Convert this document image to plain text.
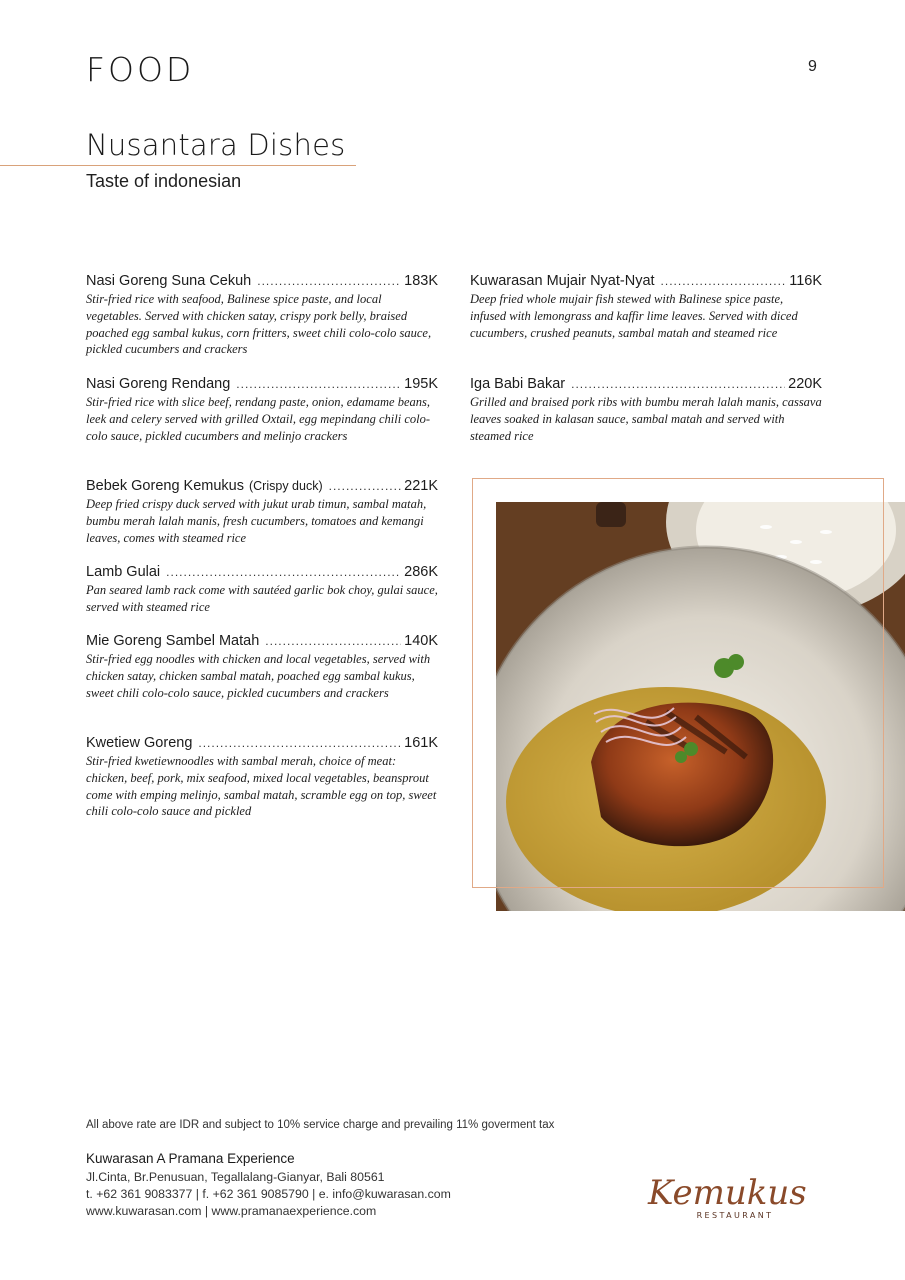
FOOD	9
Nusantara Dishes
Taste of indonesian
Nasi Goreng Suna Cekuh .....	183K
Stir-fried rice with seafood, Balinese spice paste, and local vegetables. Served with chicken satay, crispy pork belly, braised poached egg sambal kukus, corn fritters, sweet chili colo-colo sauce, pickled cucumbers and crackers
Nasi Goreng Rendang .....	195K
Stir-fried rice with slice beef, rendang paste, onion, edamame beans, leek and celery served with grilled Oxtail, egg mepindang chili colo-colo sauce, pickled cucumbers and melinjo crackers
Bebek Goreng Kemukus (Crispy duck) .....	221K
Deep fried crispy duck served with jukut urab timun, sambal matah, bumbu merah lalah manis, fresh cucumbers, tomatoes and kemangi leaves, comes with steamed rice
Lamb Gulai .....	286K
Pan seared lamb rack come with sautéed garlic bok choy, gulai sauce, served with steamed rice
Mie Goreng Sambel Matah .....	140K
Stir-fried egg noodles with chicken and local vegetables, served with chicken satay, chicken sambal matah, poached egg sambal kukus, sweet chili colo-colo sauce, pickled cucumbers and crackers
Kwetiew Goreng .....	161K
Stir-fried kwetiewnoodles with sambal merah, choice of meat: chicken, beef, pork, mix seafood, mixed local vegetables, beansprout come with emping melinjo, sambal matah, scramble egg on top, sweet chili colo-colo sauce and pickled
Kuwarasan Mujair Nyat-Nyat .....	116K
Deep fried whole mujair fish stewed with Balinese spice paste, infused with lemongrass and kaffir lime leaves. Served with diced cucumbers, crushed peanuts, sambal matah and steamed rice
Iga Babi Bakar .....	220K
Grilled and braised pork ribs with bumbu merah lalah manis, cassava leaves soaked in kalasan sauce, sambal matah and served with steamed rice
All above rate are IDR and subject to 10% service charge and prevailing 11% goverment tax
Kuwarasan A Pramana Experience
Jl.Cinta, Br.Penusuan, Tegallalang-Gianyar, Bali 80561
t. +62 361 9083377 | f. +62 361 9085790 | e. info@kuwarasan.com
www.kuwarasan.com | www.pramanaexperience.com	Kemukus
RESTAURANT
